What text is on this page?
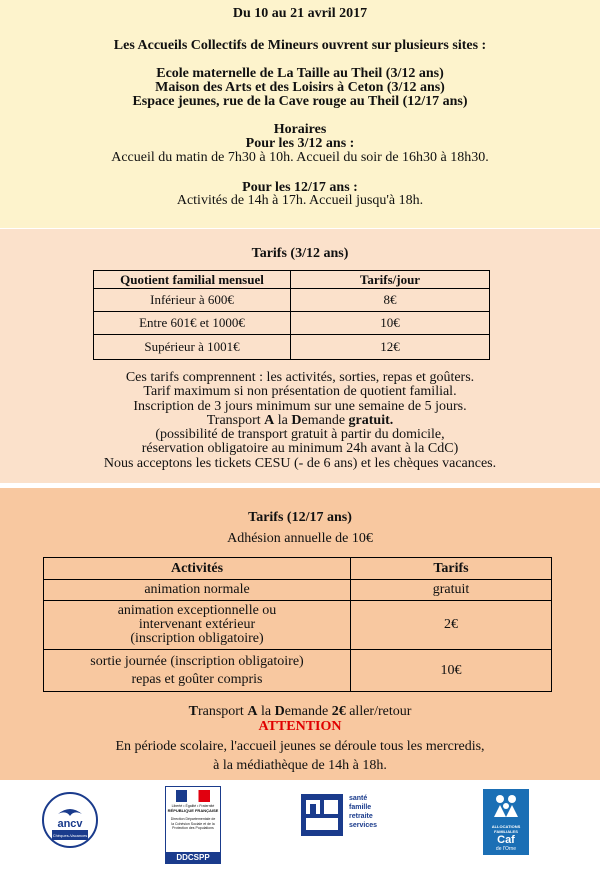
Du 10 au 21 avril 2017
Les Accueils Collectifs de Mineurs ouvrent sur plusieurs sites :
Ecole maternelle de La Taille au Theil (3/12 ans)
Maison des Arts et des Loisirs à Ceton (3/12 ans)
Espace jeunes, rue de la Cave rouge au Theil (12/17 ans)
Horaires
Pour les 3/12 ans :
Accueil du matin de 7h30 à 10h. Accueil du soir de 16h30 à 18h30.
Pour les 12/17 ans :
Activités de 14h à 17h. Accueil jusqu'à 18h.
Tarifs (3/12 ans)
Quotient familial mensuel	Tarifs/jour
Inférieur à 600€	8€
Entre 601€ et 1000€	10€
Supérieur à 1001€	12€
Ces tarifs comprennent : les activités, sorties, repas et goûters.
Tarif maximum si non présentation de quotient familial.
Inscription de 3 jours minimum sur une semaine de 5 jours.
Transport A la Demande gratuit.
(possibilité de transport gratuit à partir du domicile,
réservation obligatoire au minimum 24h avant à la CdC)
Nous acceptons les tickets CESU (- de 6 ans) et les chèques vacances.
Tarifs (12/17 ans)
Adhésion annuelle de 10€
Activités	Tarifs
animation normale	gratuit

animation exceptionnelle ou
intervenant extérieur
(inscription obligatoire)	2€

sortie journée (inscription obligatoire)
repas et goûter compris	10€
Transport A la Demande 2€ aller/retour
ATTENTION
En période scolaire, l'accueil jeunes se déroule tous les mercredis,
à la médiathèque de 14h à 18h.
ancv
Chèques-Vacances
Liberté • Égalité • Fraternité
RÉPUBLIQUE FRANÇAISE
Direction Départementale de la Cohésion Sociale et de la Protection des Populations
DDCSPP
santé
famille
retraite
services	ALLOCATIONS FAMILIALES
Caf
de l'Orne
